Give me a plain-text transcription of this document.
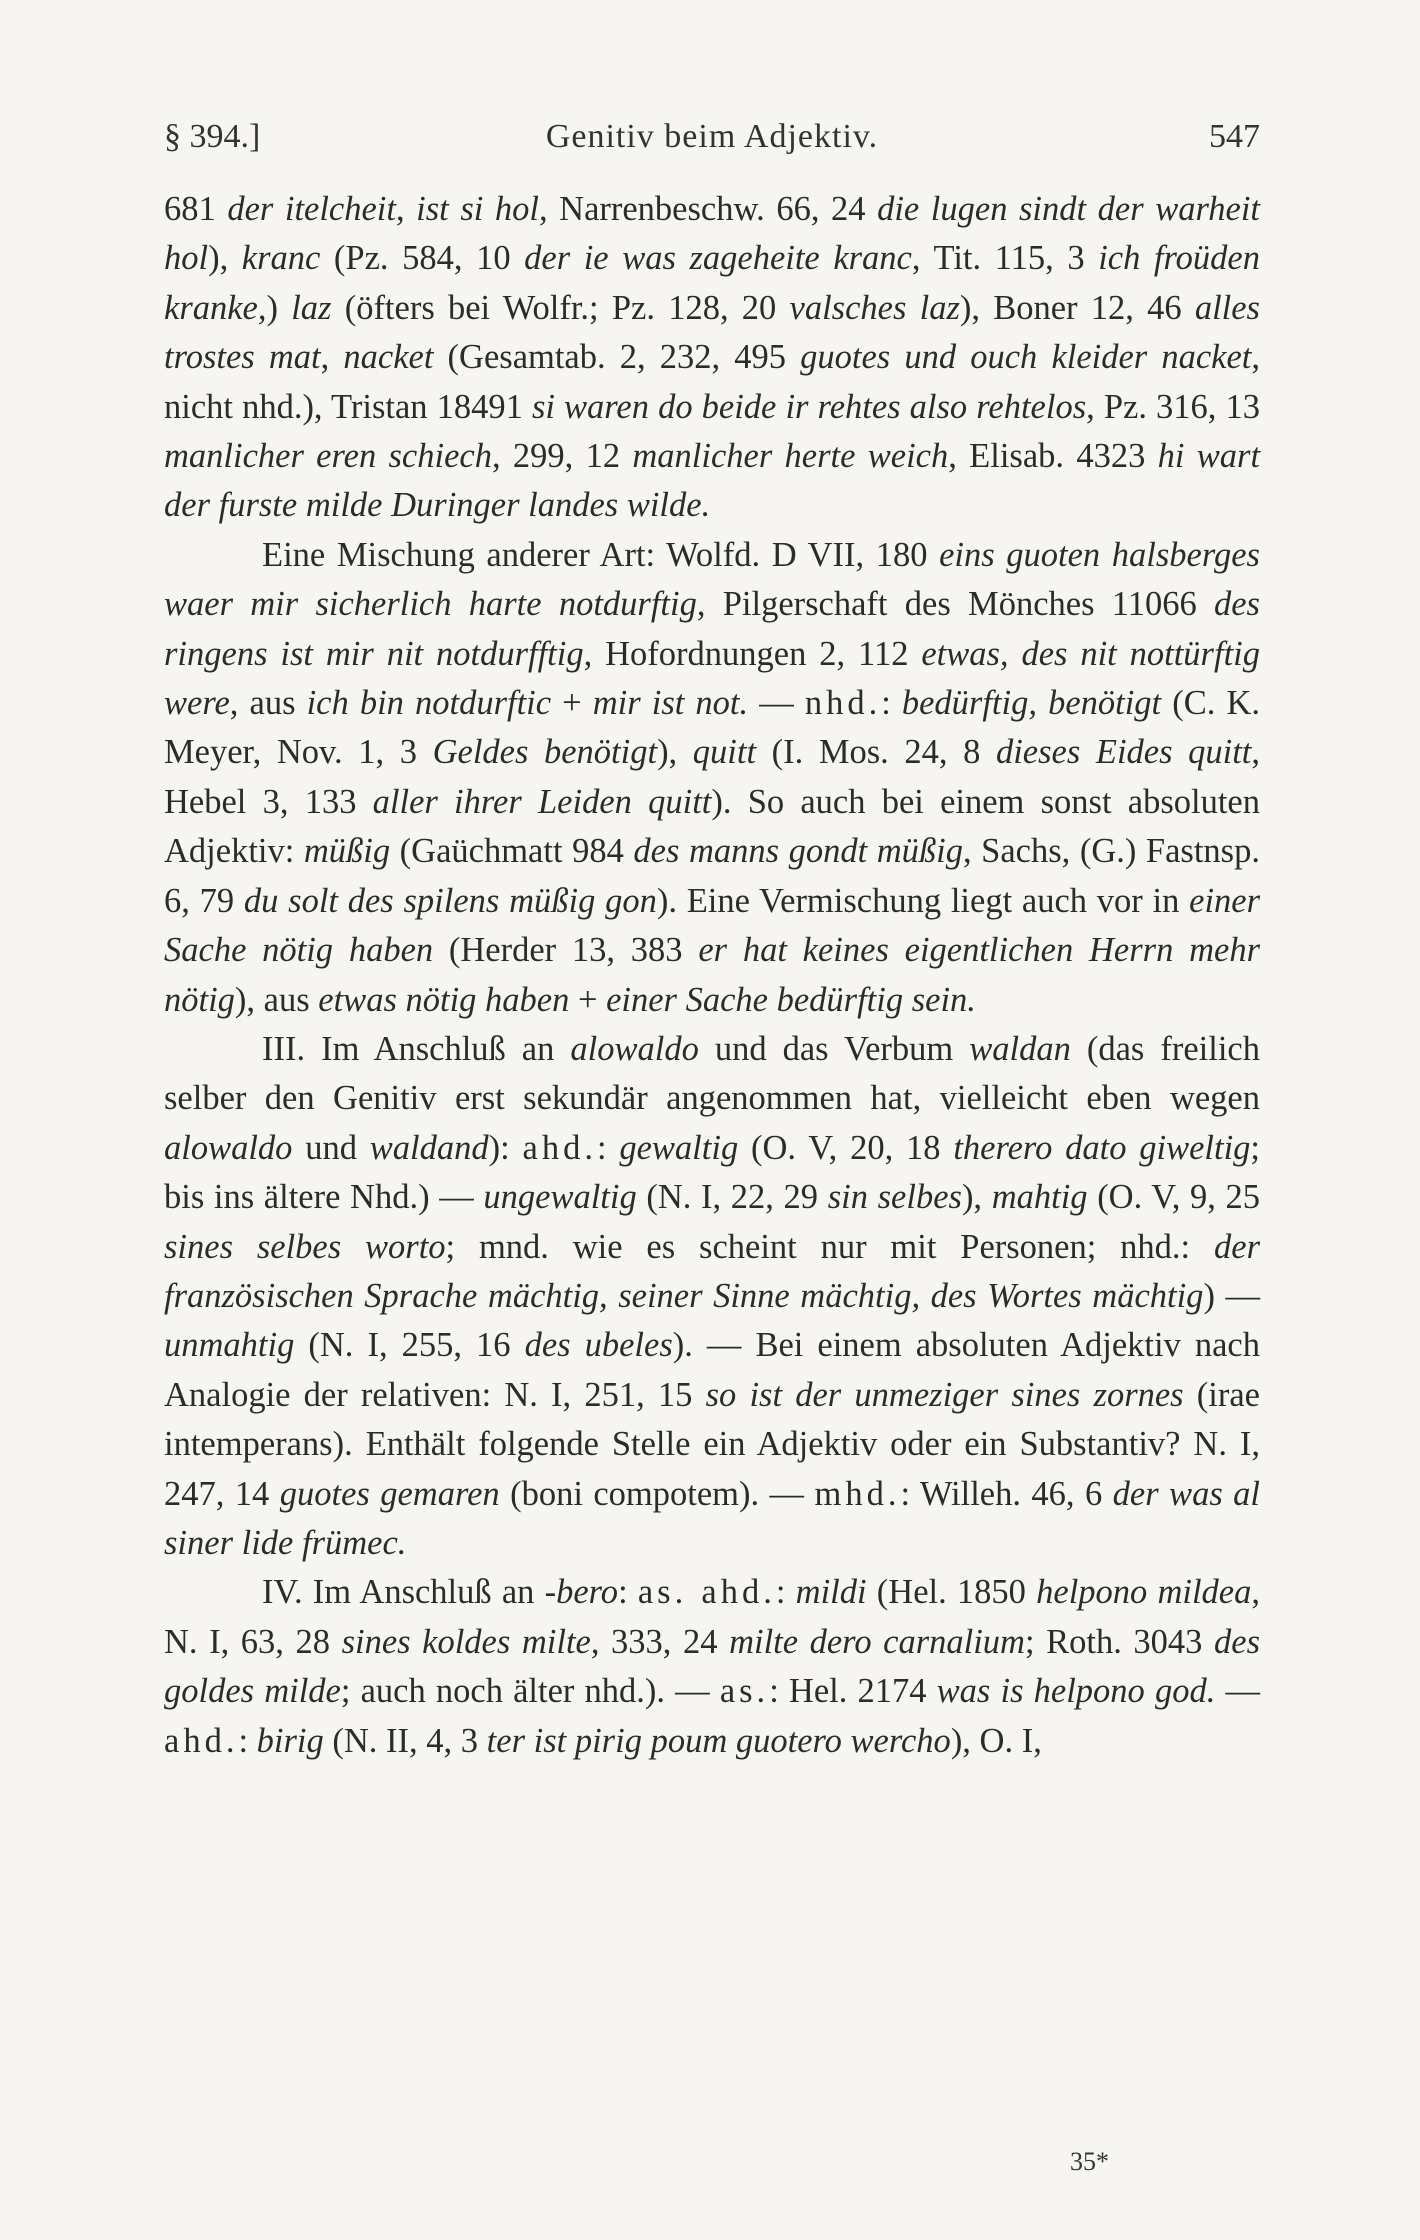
§ 394.]	Genitiv beim Adjektiv.	547

681 der itelcheit, ist si hol, Narrenbeschw. 66, 24 die lugen sindt der warheit hol), kranc (Pz. 584, 10 der ie was zageheite kranc, Tit. 115, 3 ich froüden kranke,) laz (öfters bei Wolfr.; Pz. 128, 20 valsches laz), Boner 12, 46 alles trostes mat, nacket (Gesamtab. 2, 232, 495 guotes und ouch kleider nacket, nicht nhd.), Tristan 18491 si waren do beide ir rehtes also rehtelos, Pz. 316, 13 manlicher eren schiech, 299, 12 manlicher herte weich, Elisab. 4323 hi wart der furste milde Duringer landes wilde.

Eine Mischung anderer Art: Wolfd. D VII, 180 eins guoten halsberges waer mir sicherlich harte notdurftig, Pilgerschaft des Mönches 11066 des ringens ist mir nit notdurfftig, Hofordnungen 2, 112 etwas, des nit nottürftig were, aus ich bin notdurftic + mir ist not. — nhd.: bedürftig, benötigt (C. K. Meyer, Nov. 1, 3 Geldes benötigt), quitt (I. Mos. 24, 8 dieses Eides quitt, Hebel 3, 133 aller ihrer Leiden quitt). So auch bei einem sonst absoluten Adjektiv: müßig (Gaüchmatt 984 des manns gondt müßig, Sachs, (G.) Fastnsp. 6, 79 du solt des spilens müßig gon). Eine Vermischung liegt auch vor in einer Sache nötig haben (Herder 13, 383 er hat keines eigentlichen Herrn mehr nötig), aus etwas nötig haben + einer Sache bedürftig sein.

III. Im Anschluß an alowaldo und das Verbum waldan (das freilich selber den Genitiv erst sekundär angenommen hat, vielleicht eben wegen alowaldo und waldand): ahd.: gewaltig (O. V, 20, 18 therero dato giweltig; bis ins ältere Nhd.) — ungewaltig (N. I, 22, 29 sin selbes), mahtig (O. V, 9, 25 sines selbes worto; mnd. wie es scheint nur mit Personen; nhd.: der französischen Sprache mächtig, seiner Sinne mächtig, des Wortes mächtig) — unmahtig (N. I, 255, 16 des ubeles). — Bei einem absoluten Adjektiv nach Analogie der relativen: N. I, 251, 15 so ist der unmeziger sines zornes (irae intemperans). Enthält folgende Stelle ein Adjektiv oder ein Substantiv? N. I, 247, 14 guotes gemaren (boni compotem). — mhd.: Willeh. 46, 6 der was al siner lide frümec.

IV. Im Anschluß an -bero: as. ahd.: mildi (Hel. 1850 helpono mildea, N. I, 63, 28 sines koldes milte, 333, 24 milte dero carnalium; Roth. 3043 des goldes milde; auch noch älter nhd.). — as.: Hel. 2174 was is helpono god. — ahd.: birig (N. II, 4, 3 ter ist pirig poum guotero wercho), O. I,

35*
